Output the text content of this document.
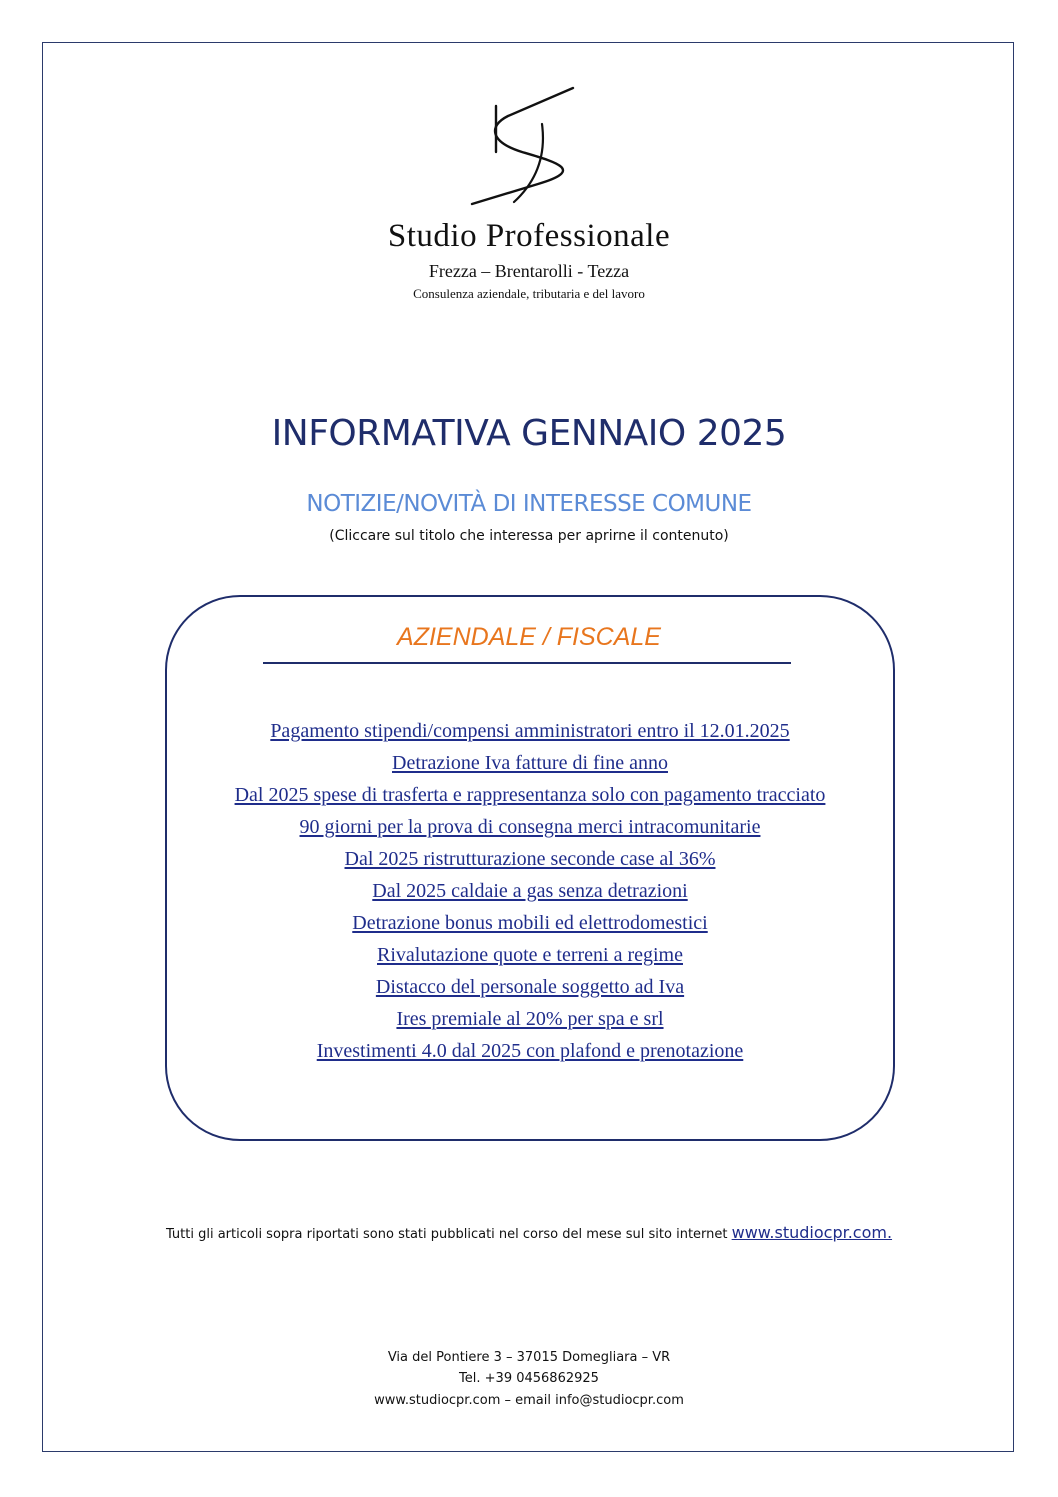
Studio Professionale
Frezza – Brentarolli - Tezza
Consulenza aziendale, tributaria e del lavoro
INFORMATIVA GENNAIO 2025
NOTIZIE/NOVITÀ DI INTERESSE COMUNE
(Cliccare sul titolo che interessa per aprirne il contenuto)
AZIENDALE / FISCALE
Pagamento stipendi/compensi amministratori entro il 12.01.2025
Detrazione Iva fatture di fine anno
Dal 2025 spese di trasferta e rappresentanza solo con pagamento tracciato
90 giorni per la prova di consegna merci intracomunitarie
Dal 2025 ristrutturazione seconde case al 36%
Dal 2025 caldaie a gas senza detrazioni
Detrazione bonus mobili ed elettrodomestici
Rivalutazione quote e terreni a regime
Distacco del personale soggetto ad Iva
Ires premiale al 20% per spa e srl
Investimenti 4.0 dal 2025 con plafond e prenotazione
Tutti gli articoli sopra riportati sono stati pubblicati nel corso del mese sul sito internet www.studiocpr.com.
Via del Pontiere 3 – 37015 Domegliara – VR
Tel. +39 0456862925
www.studiocpr.com – email info@studiocpr.com
